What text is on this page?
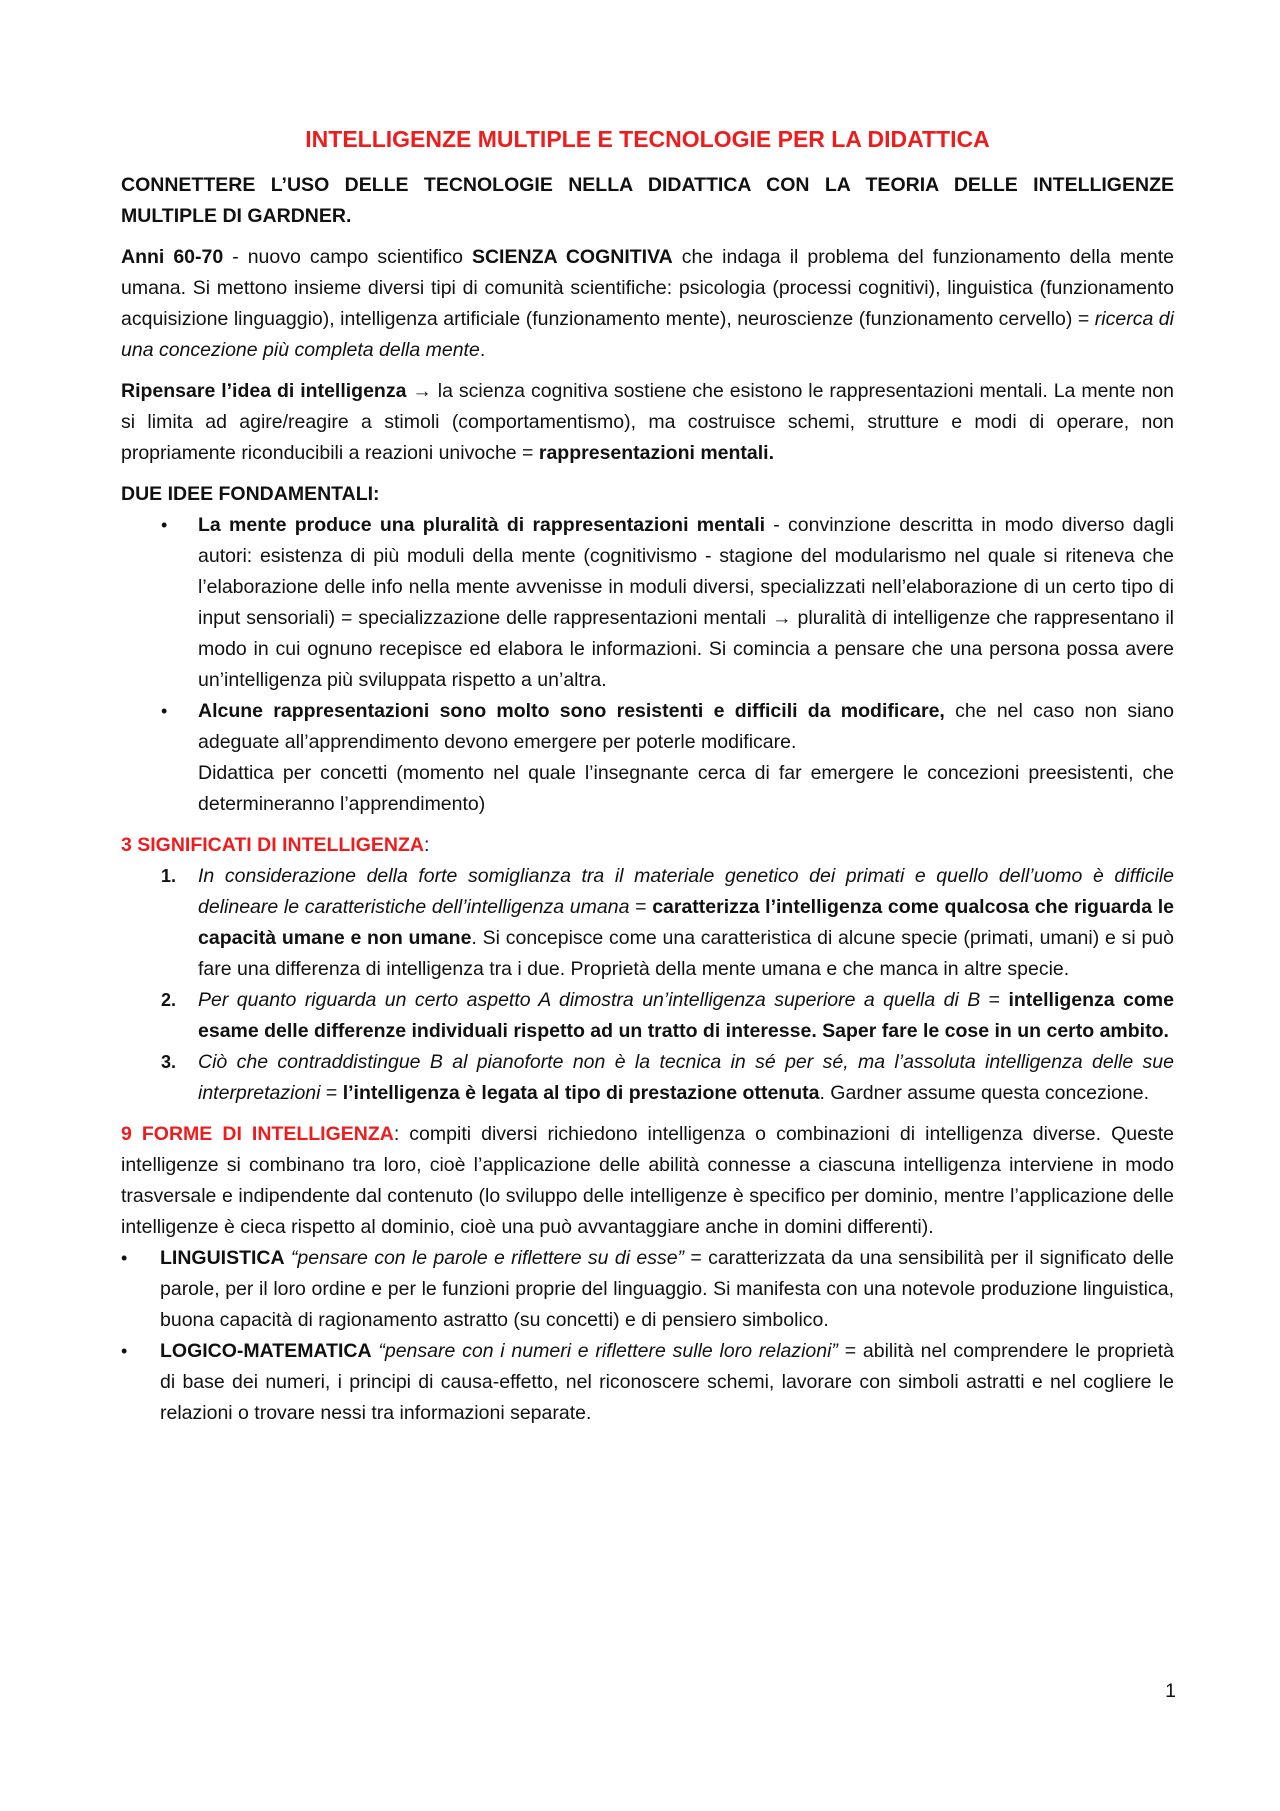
INTELLIGENZE MULTIPLE E TECNOLOGIE PER LA DIDATTICA
CONNETTERE L’USO DELLE TECNOLOGIE NELLA DIDATTICA CON LA TEORIA DELLE INTELLIGENZE MULTIPLE DI GARDNER.
Anni 60-70 - nuovo campo scientifico SCIENZA COGNITIVA che indaga il problema del funzionamento della mente umana. Si mettono insieme diversi tipi di comunità scientifiche: psicologia (processi cognitivi), linguistica (funzionamento acquisizione linguaggio), intelligenza artificiale (funzionamento mente), neuroscienze (funzionamento cervello) = ricerca di una concezione più completa della mente.
Ripensare l’idea di intelligenza → la scienza cognitiva sostiene che esistono le rappresentazioni mentali. La mente non si limita ad agire/reagire a stimoli (comportamentismo), ma costruisce schemi, strutture e modi di operare, non propriamente riconducibili a reazioni univoche = rappresentazioni mentali.
DUE IDEE FONDAMENTALI:
• La mente produce una pluralità di rappresentazioni mentali - convinzione descritta in modo diverso dagli autori: esistenza di più moduli della mente (cognitivismo - stagione del modularismo nel quale si riteneva che l’elaborazione delle info nella mente avvenisse in moduli diversi, specializzati nell’elaborazione di un certo tipo di input sensoriali) = specializzazione delle rappresentazioni mentali → pluralità di intelligenze che rappresentano il modo in cui ognuno recepisce ed elabora le informazioni. Si comincia a pensare che una persona possa avere un’intelligenza più sviluppata rispetto a un’altra.
• Alcune rappresentazioni sono molto sono resistenti e difficili da modificare, che nel caso non siano adeguate all’apprendimento devono emergere per poterle modificare.
Didattica per concetti (momento nel quale l’insegnante cerca di far emergere le concezioni preesistenti, che determineranno l’apprendimento)
3 SIGNIFICATI DI INTELLIGENZA:
1. In considerazione della forte somiglianza tra il materiale genetico dei primati e quello dell’uomo è difficile delineare le caratteristiche dell’intelligenza umana = caratterizza l’intelligenza come qualcosa che riguarda le capacità umane e non umane. Si concepisce come una caratteristica di alcune specie (primati, umani) e si può fare una differenza di intelligenza tra i due. Proprietà della mente umana e che manca in altre specie.
2. Per quanto riguarda un certo aspetto A dimostra un’intelligenza superiore a quella di B = intelligenza come esame delle differenze individuali rispetto ad un tratto di interesse. Saper fare le cose in un certo ambito.
3. Ciò che contraddistingue B al pianoforte non è la tecnica in sé per sé, ma l’assoluta intelligenza delle sue interpretazioni = l’intelligenza è legata al tipo di prestazione ottenuta. Gardner assume questa concezione.
9 FORME DI INTELLIGENZA: compiti diversi richiedono intelligenza o combinazioni di intelligenza diverse. Queste intelligenze si combinano tra loro, cioè l’applicazione delle abilità connesse a ciascuna intelligenza interviene in modo trasversale e indipendente dal contenuto (lo sviluppo delle intelligenze è specifico per dominio, mentre l’applicazione delle intelligenze è cieca rispetto al dominio, cioè una può avvantaggiare anche in domini differenti).
• LINGUISTICA “pensare con le parole e riflettere su di esse” = caratterizzata da una sensibilità per il significato delle parole, per il loro ordine e per le funzioni proprie del linguaggio. Si manifesta con una notevole produzione linguistica, buona capacità di ragionamento astratto (su concetti) e di pensiero simbolico.
• LOGICO-MATEMATICA “pensare con i numeri e riflettere sulle loro relazioni” = abilità nel comprendere le proprietà di base dei numeri, i principi di causa-effetto, nel riconoscere schemi, lavorare con simboli astratti e nel cogliere le relazioni o trovare nessi tra informazioni separate.
1
